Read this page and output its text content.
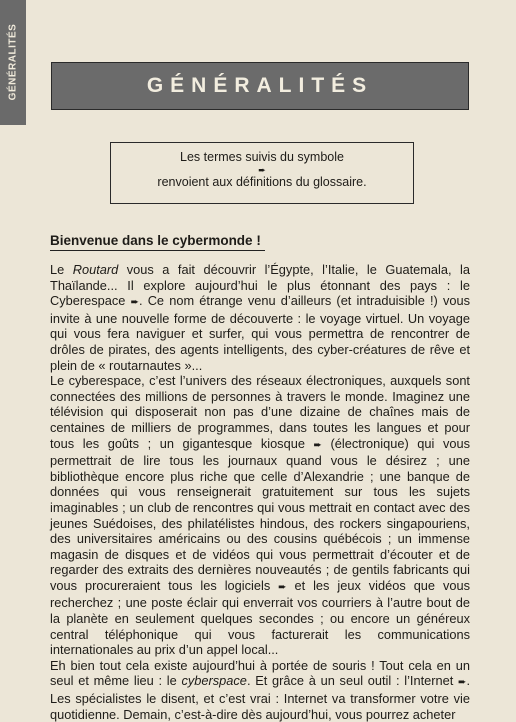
GÉNÉRALITÉS	GÉNÉRALITÉS
Les termes suivis du symbole
➨
renvoient aux définitions du glossaire.
Bienvenue dans le cybermonde !

Le Routard vous a fait découvrir l’Égypte, l’Italie, le Guatemala, la Thaïlande... Il explore aujourd’hui le plus étonnant des pays : le Cyberespace ➨. Ce nom étrange venu d’ailleurs (et intraduisible !) vous invite à une nouvelle forme de découverte : le voyage virtuel. Un voyage qui vous fera naviguer et surfer, qui vous permettra de rencontrer de drôles de pirates, des agents intelligents, des cyber-créatures de rêve et plein de « routarnautes »...

Le cyberespace, c’est l’univers des réseaux électroniques, auxquels sont connectées des millions de personnes à travers le monde. Imaginez une télévision qui disposerait non pas d’une dizaine de chaînes mais de centaines de milliers de programmes, dans toutes les langues et pour tous les goûts ; un gigantesque kiosque ➨ (électronique) qui vous permettrait de lire tous les journaux quand vous le désirez ; une bibliothèque encore plus riche que celle d’Alexandrie ; une banque de données qui vous renseignerait gratuitement sur tous les sujets imaginables ; un club de rencontres qui vous mettrait en contact avec des jeunes Suédoises, des philatélistes hindous, des rockers singapouriens, des universitaires américains ou des cousins québécois ; un immense magasin de disques et de vidéos qui vous permettrait d’écouter et de regarder des extraits des dernières nouveautés ; de gentils fabricants qui vous procureraient tous les logiciels ➨ et les jeux vidéos que vous recherchez ; une poste éclair qui enverrait vos courriers à l’autre bout de la planète en seulement quelques secondes ; ou encore un généreux central téléphonique qui vous facturerait les communications internationales au prix d’un appel local...

Eh bien tout cela existe aujourd’hui à portée de souris ! Tout cela en un seul et même lieu : le cyberspace. Et grâce à un seul outil : l’Internet ➨. Les spécialistes le disent, et c’est vrai : Internet va transformer votre vie quotidienne. Demain, c’est-à-dire dès aujourd’hui, vous pourrez acheter
